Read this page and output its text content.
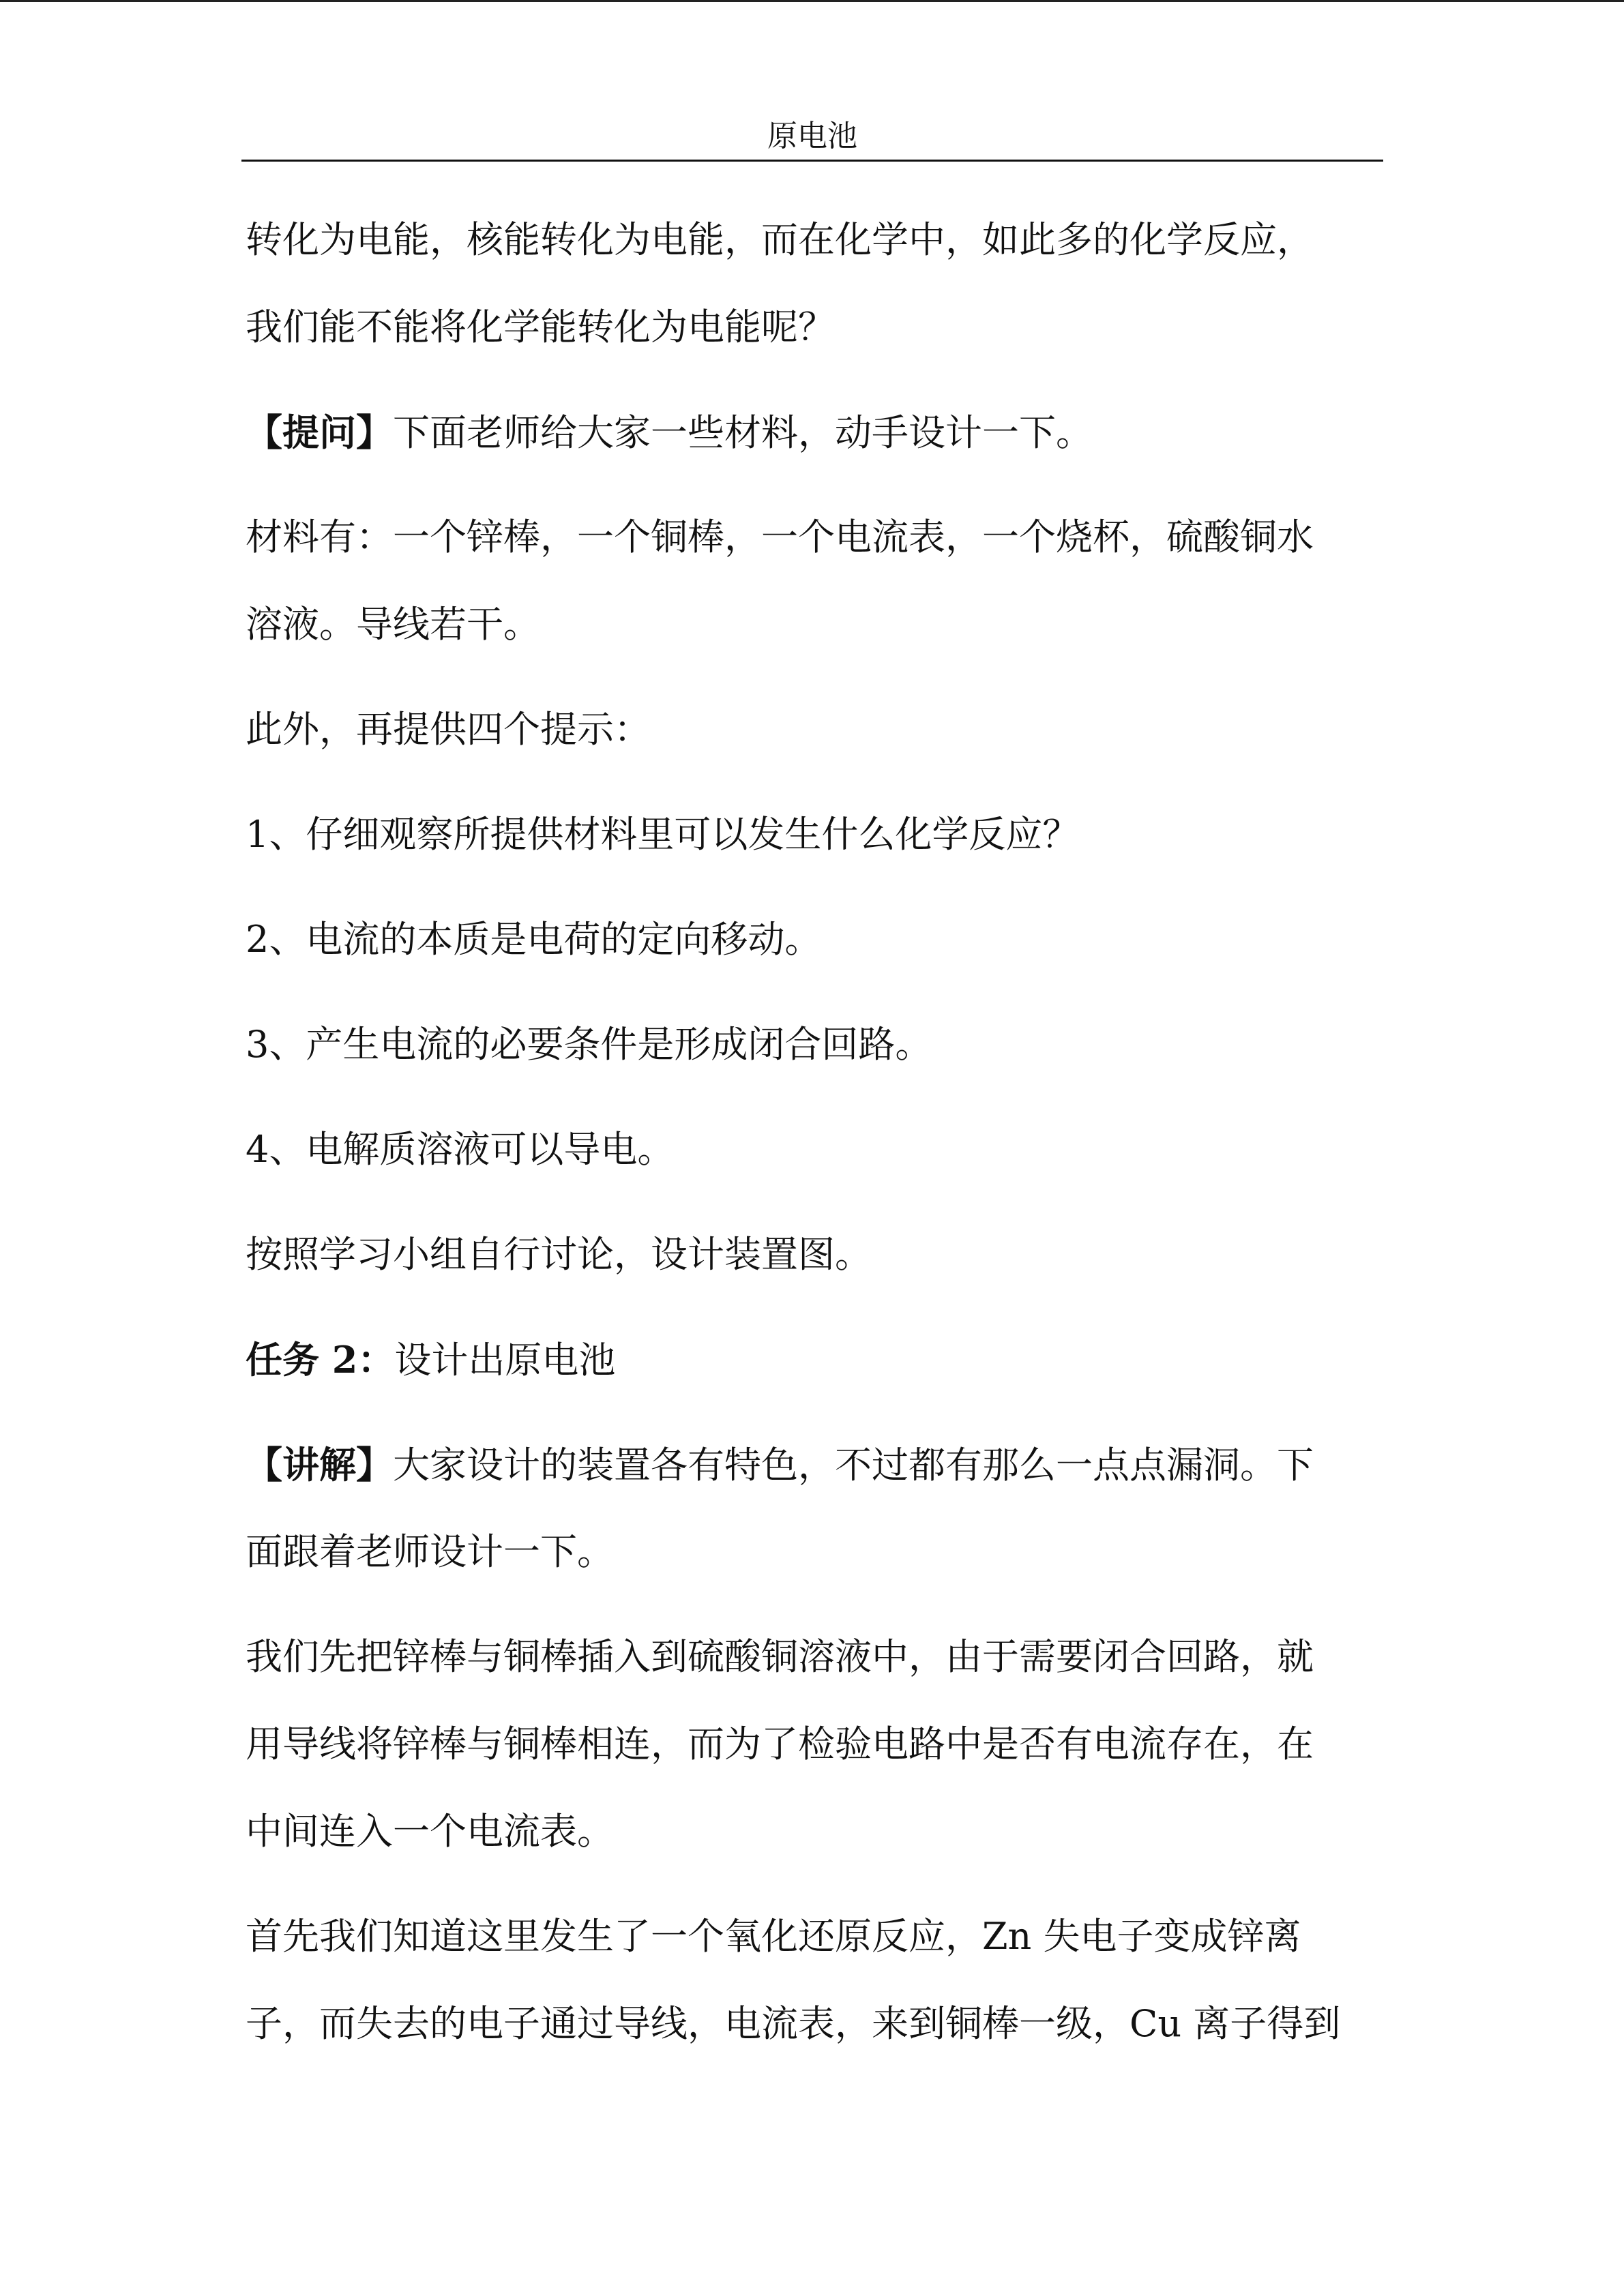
原电池
转化为电能，核能转化为电能，而在化学中，如此多的化学反应，
我们能不能将化学能转化为电能呢？
【提问】下面老师给大家一些材料，动手设计一下。
材料有：一个锌棒，一个铜棒，一个电流表，一个烧杯，硫酸铜水
溶液。导线若干。
此外，再提供四个提示：
1、仔细观察所提供材料里可以发生什么化学反应？
2、电流的本质是电荷的定向移动。
3、产生电流的必要条件是形成闭合回路。
4、电解质溶液可以导电。
按照学习小组自行讨论，设计装置图。
任务 2：设计出原电池
【讲解】大家设计的装置各有特色，不过都有那么一点点漏洞。下
面跟着老师设计一下。
我们先把锌棒与铜棒插入到硫酸铜溶液中，由于需要闭合回路，就
用导线将锌棒与铜棒相连，而为了检验电路中是否有电流存在，在
中间连入一个电流表。
首先我们知道这里发生了一个氧化还原反应，Zn 失电子变成锌离
子，而失去的电子通过导线，电流表，来到铜棒一级，Cu 离子得到
